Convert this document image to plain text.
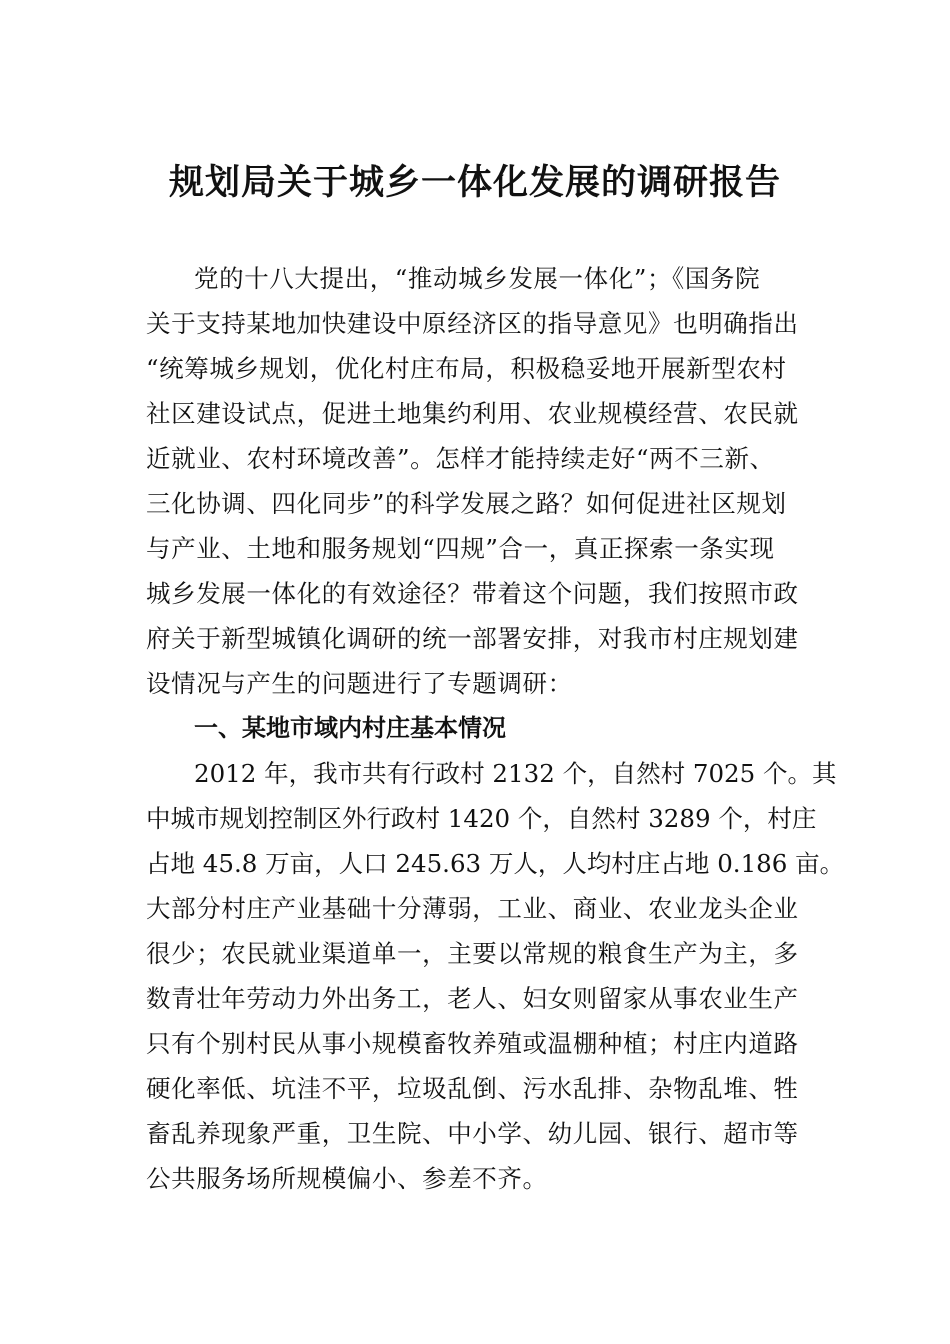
规划局关于城乡一体化发展的调研报告

党的十八大提出，“推动城乡发展一体化”；《国务院

关于支持某地加快建设中原经济区的指导意见》也明确指出

“统筹城乡规划，优化村庄布局，积极稳妥地开展新型农村

社区建设试点，促进土地集约利用、农业规模经营、农民就

近就业、农村环境改善”。怎样才能持续走好“两不三新、

三化协调、四化同步”的科学发展之路？如何促进社区规划

与产业、土地和服务规划“四规”合一，真正探索一条实现

城乡发展一体化的有效途径？带着这个问题，我们按照市政

府关于新型城镇化调研的统一部署安排，对我市村庄规划建

设情况与产生的问题进行了专题调研：

一、某地市域内村庄基本情况

2012 年，我市共有行政村 2132 个，自然村 7025 个。其

中城市规划控制区外行政村 1420 个，自然村 3289 个，村庄

占地 45.8 万亩，人口 245.63 万人，人均村庄占地 0.186 亩。

大部分村庄产业基础十分薄弱，工业、商业、农业龙头企业

很少；农民就业渠道单一，主要以常规的粮食生产为主，多

数青壮年劳动力外出务工，老人、妇女则留家从事农业生产

只有个别村民从事小规模畜牧养殖或温棚种植；村庄内道路

硬化率低、坑洼不平，垃圾乱倒、污水乱排、杂物乱堆、牲

畜乱养现象严重，卫生院、中小学、幼儿园、银行、超市等

公共服务场所规模偏小、参差不齐。
